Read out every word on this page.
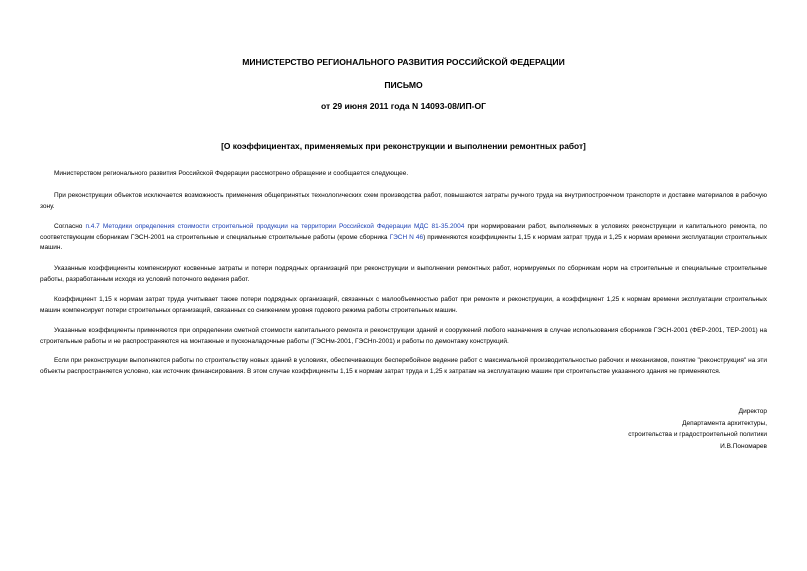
МИНИСТЕРСТВО РЕГИОНАЛЬНОГО РАЗВИТИЯ РОССИЙСКОЙ ФЕДЕРАЦИИ
ПИСЬМО
от 29 июня 2011 года N 14093-08/ИП-ОГ
[О коэффициентах, применяемых при реконструкции и выполнении ремонтных работ]
Министерством регионального развития Российской Федерации рассмотрено обращение и сообщается следующее.
При реконструкции объектов исключается возможность применения общепринятых технологических схем производства работ, повышаются затраты ручного труда на внутрипостроечном транспорте и доставке материалов в рабочую зону.
Согласно п.4.7 Методики определения стоимости строительной продукции на территории Российской Федерации МДС 81-35.2004 при нормировании работ, выполняемых в условиях реконструкции и капитального ремонта, по соответствующим сборникам ГЭСН-2001 на строительные и специальные строительные работы (кроме сборника ГЭСН N 46) применяются коэффициенты 1,15 к нормам затрат труда и 1,25 к нормам времени эксплуатации строительных машин.
Указанные коэффициенты компенсируют косвенные затраты и потери подрядных организаций при реконструкции и выполнении ремонтных работ, нормируемых по сборникам норм на строительные и специальные строительные работы, разработанным исходя из условий поточного ведения работ.
Коэффициент 1,15 к нормам затрат труда учитывает также потери подрядных организаций, связанных с малообъемностью работ при ремонте и реконструкции, а коэффициент 1,25 к нормам времени эксплуатации строительных машин компенсирует потери строительных организаций, связанных со снижением уровня годового режима работы строительных машин.
Указанные коэффициенты применяются при определении сметной стоимости капитального ремонта и реконструкции зданий и сооружений любого назначения в случае использования сборников ГЭСН-2001 (ФЕР-2001, ТЕР-2001) на строительные работы и не распространяются на монтажные и пусконаладочные работы (ГЭСНм-2001, ГЭСНп-2001) и работы по демонтажу конструкций.
Если при реконструкции выполняются работы по строительству новых зданий в условиях, обеспечивающих бесперебойное ведение работ с максимальной производительностью рабочих и механизмов, понятие "реконструкция" на эти объекты распространяется условно, как источник финансирования. В этом случае коэффициенты 1,15 к нормам затрат труда и 1,25 к затратам на эксплуатацию машин при строительстве указанного здания не применяются.
Директор
Департамента архитектуры,
строительства и градостроительной политики
И.В.Пономарев
